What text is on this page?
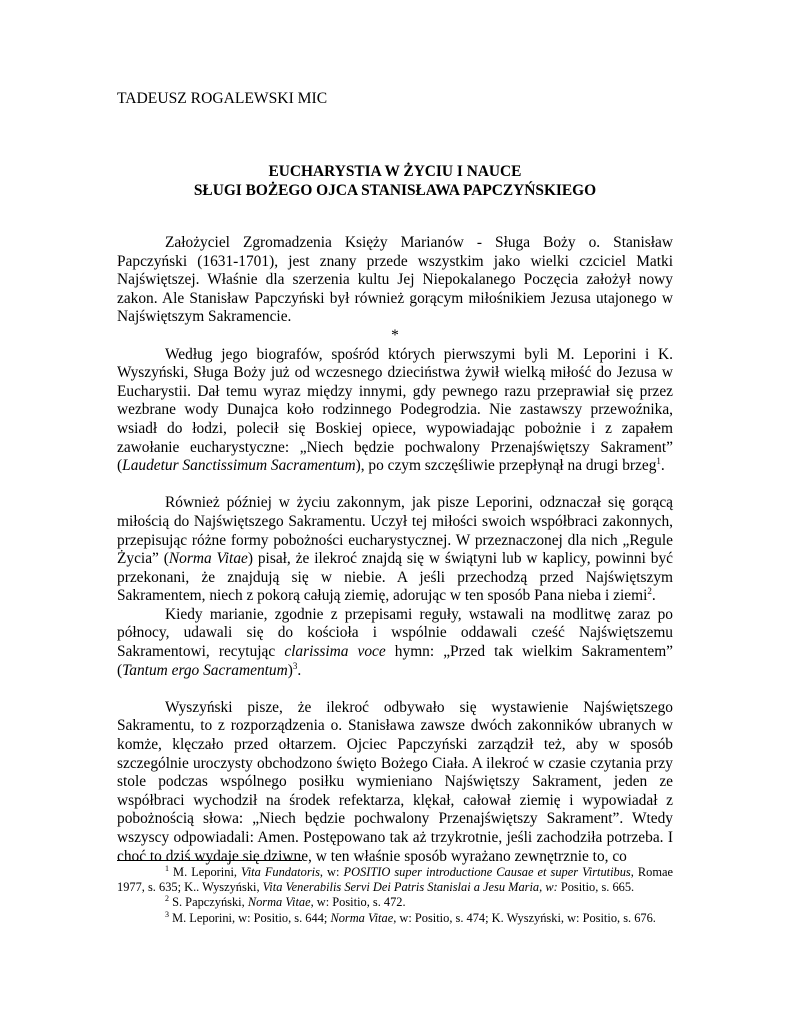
TADEUSZ ROGALEWSKI MIC
EUCHARYSTIA W ŻYCIU I NAUCE
SŁUGI BOŻEGO OJCA STANISŁAWA PAPCZYŃSKIEGO

Założyciel Zgromadzenia Księży Marianów - Sługa Boży o. Stanisław Papczyński (1631-1701), jest znany przede wszystkim jako wielki czciciel Matki Najświętszej. Właśnie dla szerzenia kultu Jej Niepokalanego Poczęcia założył nowy zakon. Ale Stanisław Papczyński był również gorącym miłośnikiem Jezusa utajonego w Najświętszym Sakramencie.

*

Według jego biografów, spośród których pierwszymi byli M. Leporini i K. Wyszyński, Sługa Boży już od wczesnego dzieciństwa żywił wielką miłość do Jezusa w Eucharystii. Dał temu wyraz między innymi, gdy pewnego razu przeprawiał się przez wezbrane wody Dunajca koło rodzinnego Podegrodzia. Nie zastawszy przewoźnika, wsiadł do łodzi, polecił się Boskiej opiece, wypowiadając pobożnie i z zapałem zawołanie eucharystyczne: „Niech będzie pochwalony Przenajświętszy Sakrament” (Laudetur Sanctissimum Sacramentum), po czym szczęśliwie przepłynął na drugi brzeg$^1$.

Również później w życiu zakonnym, jak pisze Leporini, odznaczał się gorącą miłością do Najświętszego Sakramentu. Uczył tej miłości swoich współbraci zakonnych, przepisując różne formy pobożności eucharystycznej. W przeznaczonej dla nich „Regule Życia” (Norma Vitae) pisał, że ilekroć znajdą się w świątyni lub w kaplicy, powinni być przekonani, że znajdują się w niebie. A jeśli przechodzą przed Najświętszym Sakramentem, niech z pokorą całują ziemię, adorując w ten sposób Pana nieba i ziemi$^2$.

Kiedy marianie, zgodnie z przepisami reguły, wstawali na modlitwę zaraz po północy, udawali się do kościoła i wspólnie oddawali cześć Najświętszemu Sakramentowi, recytując clarissima voce hymn: „Przed tak wielkim Sakramentem” (Tantum ergo Sacramentum)$^3$.

Wyszyński pisze, że ilekroć odbywało się wystawienie Najświętszego Sakramentu, to z rozporządzenia o. Stanisława zawsze dwóch zakonników ubranych w komże, klęczało przed ołtarzem. Ojciec Papczyński zarządził też, aby w sposób szczególnie uroczysty obchodzono święto Bożego Ciała. A ilekroć w czasie czytania przy stole podczas wspólnego posiłku wymieniano Najświętszy Sakrament, jeden ze współbraci wychodził na środek refektarza, klękał, całował ziemię i wypowiadał z pobożnością słowa: „Niech będzie pochwalony Przenajświętszy Sakrament”. Wtedy wszyscy odpowiadali: Amen. Postępowano tak aż trzykrotnie, jeśli zachodziła potrzeba. I choć to dziś wydaje się dziwne, w ten właśnie sposób wyrażano zewnętrznie to, co

$^1$ M. Leporini, Vita Fundatoris, w: POSITIO super introductione Causae et super Virtutibus, Romae 1977, s. 635; K.. Wyszyński, Vita Venerabilis Servi Dei Patris Stanislai a Jesu Maria, w: Positio, s. 665.

$^2$ S. Papczyński, Norma Vitae, w: Positio, s. 472.

$^3$ M. Leporini, w: Positio, s. 644; Norma Vitae, w: Positio, s. 474; K. Wyszyński, w: Positio, s. 676.
